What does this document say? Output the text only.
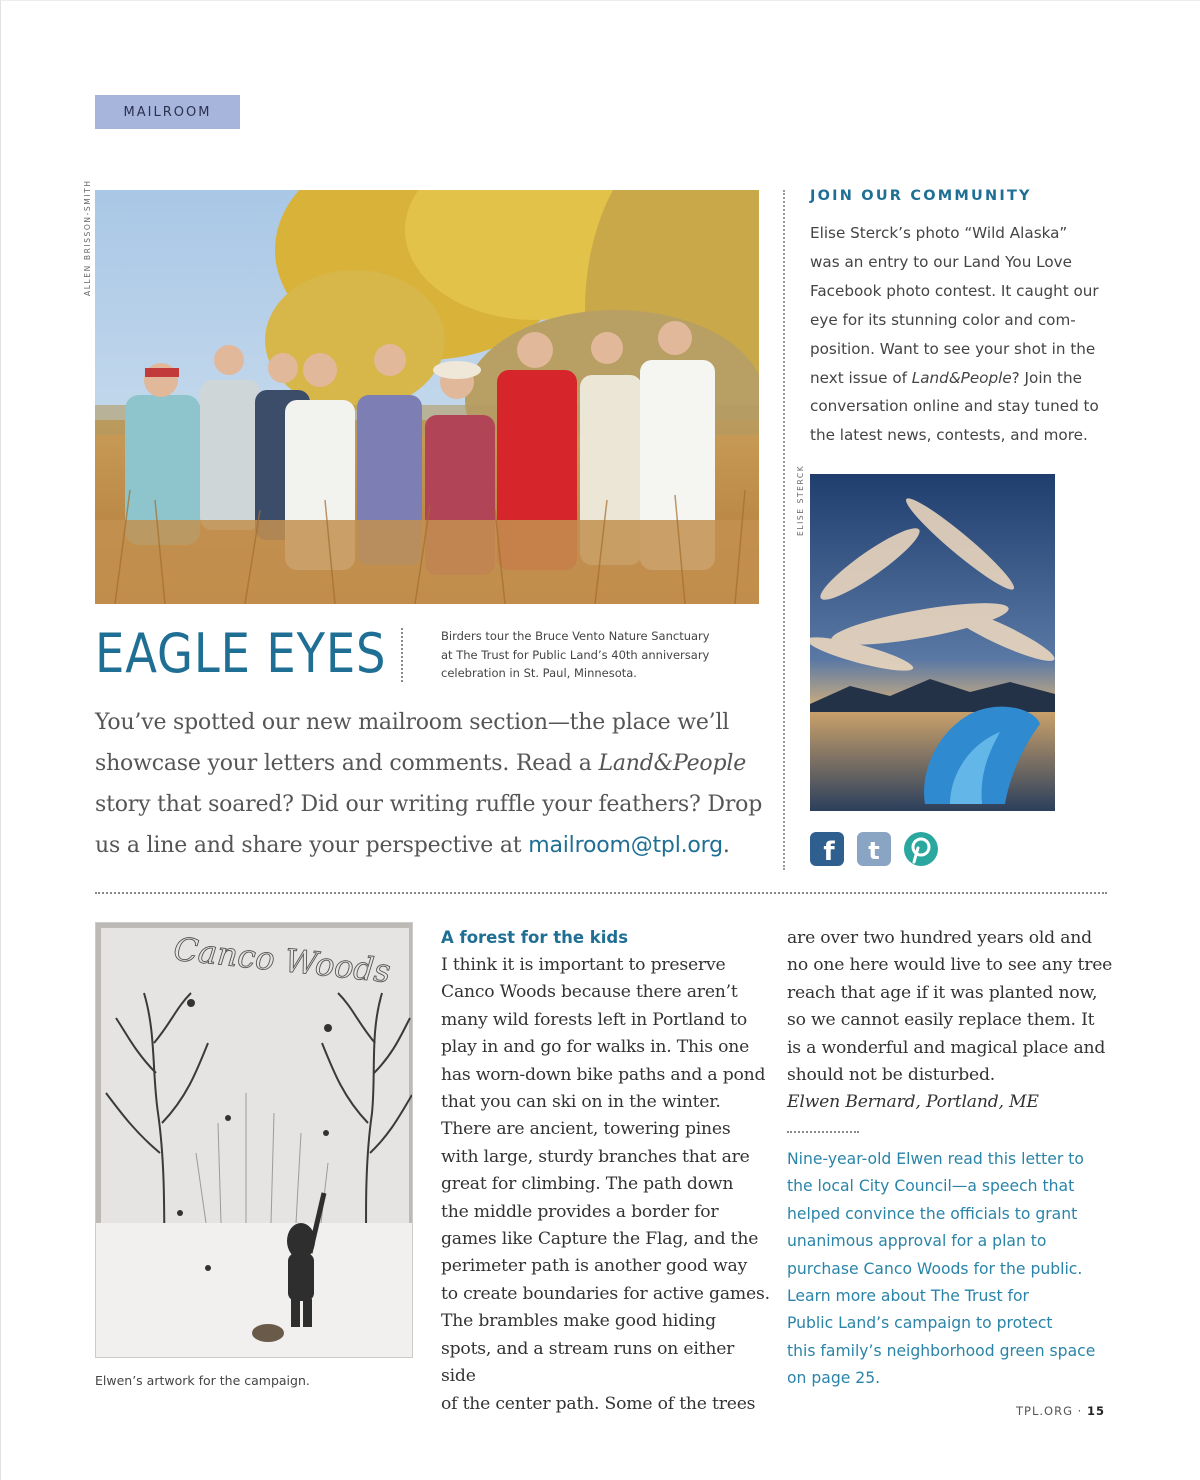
MAILROOM
ALLEN BRISSON-SMITH
EAGLE EYES	Birders tour the Bruce Vento Nature Sanctuary
at The Trust for Public Land’s 40th anniversary
celebration in St. Paul, Minnesota.

You’ve spotted our new mailroom section—the place we’ll showcase your letters and comments. Read a Land&People story that soared? Did our writing ruffle your feathers? Drop us a line and share your perspective at mailroom@tpl.org.

JOIN OUR COMMUNITY
Elise Sterck’s photo “Wild Alaska”
was an entry to our Land You Love
Facebook photo contest. It caught our
eye for its stunning color and com-
position. Want to see your shot in the
next issue of Land&People? Join the
conversation online and stay tuned to
the latest news, contests, and more.
ELISE STERCK
f t
Canco Woods
Elwen’s artwork for the campaign.
A forest for the kids
I think it is important to preserve
Canco Woods because there aren’t
many wild forests left in Portland to
play in and go for walks in. This one
has worn-down bike paths and a pond
that you can ski on in the winter.
There are ancient, towering pines
with large, sturdy branches that are
great for climbing. The path down
the middle provides a border for
games like Capture the Flag, and the
perimeter path is another good way
to create boundaries for active games.
The brambles make good hiding
spots, and a stream runs on either side
of the center path. Some of the trees
are over two hundred years old and
no one here would live to see any tree
reach that age if it was planted now,
so we cannot easily replace them. It
is a wonderful and magical place and
should not be disturbed.
Elwen Bernard, Portland, ME
Nine-year-old Elwen read this letter to
the local City Council—a speech that
helped convince the officials to grant
unanimous approval for a plan to
purchase Canco Woods for the public.
Learn more about The Trust for
Public Land’s campaign to protect
this family’s neighborhood green space
on page 25.
TPL.ORG · 15
